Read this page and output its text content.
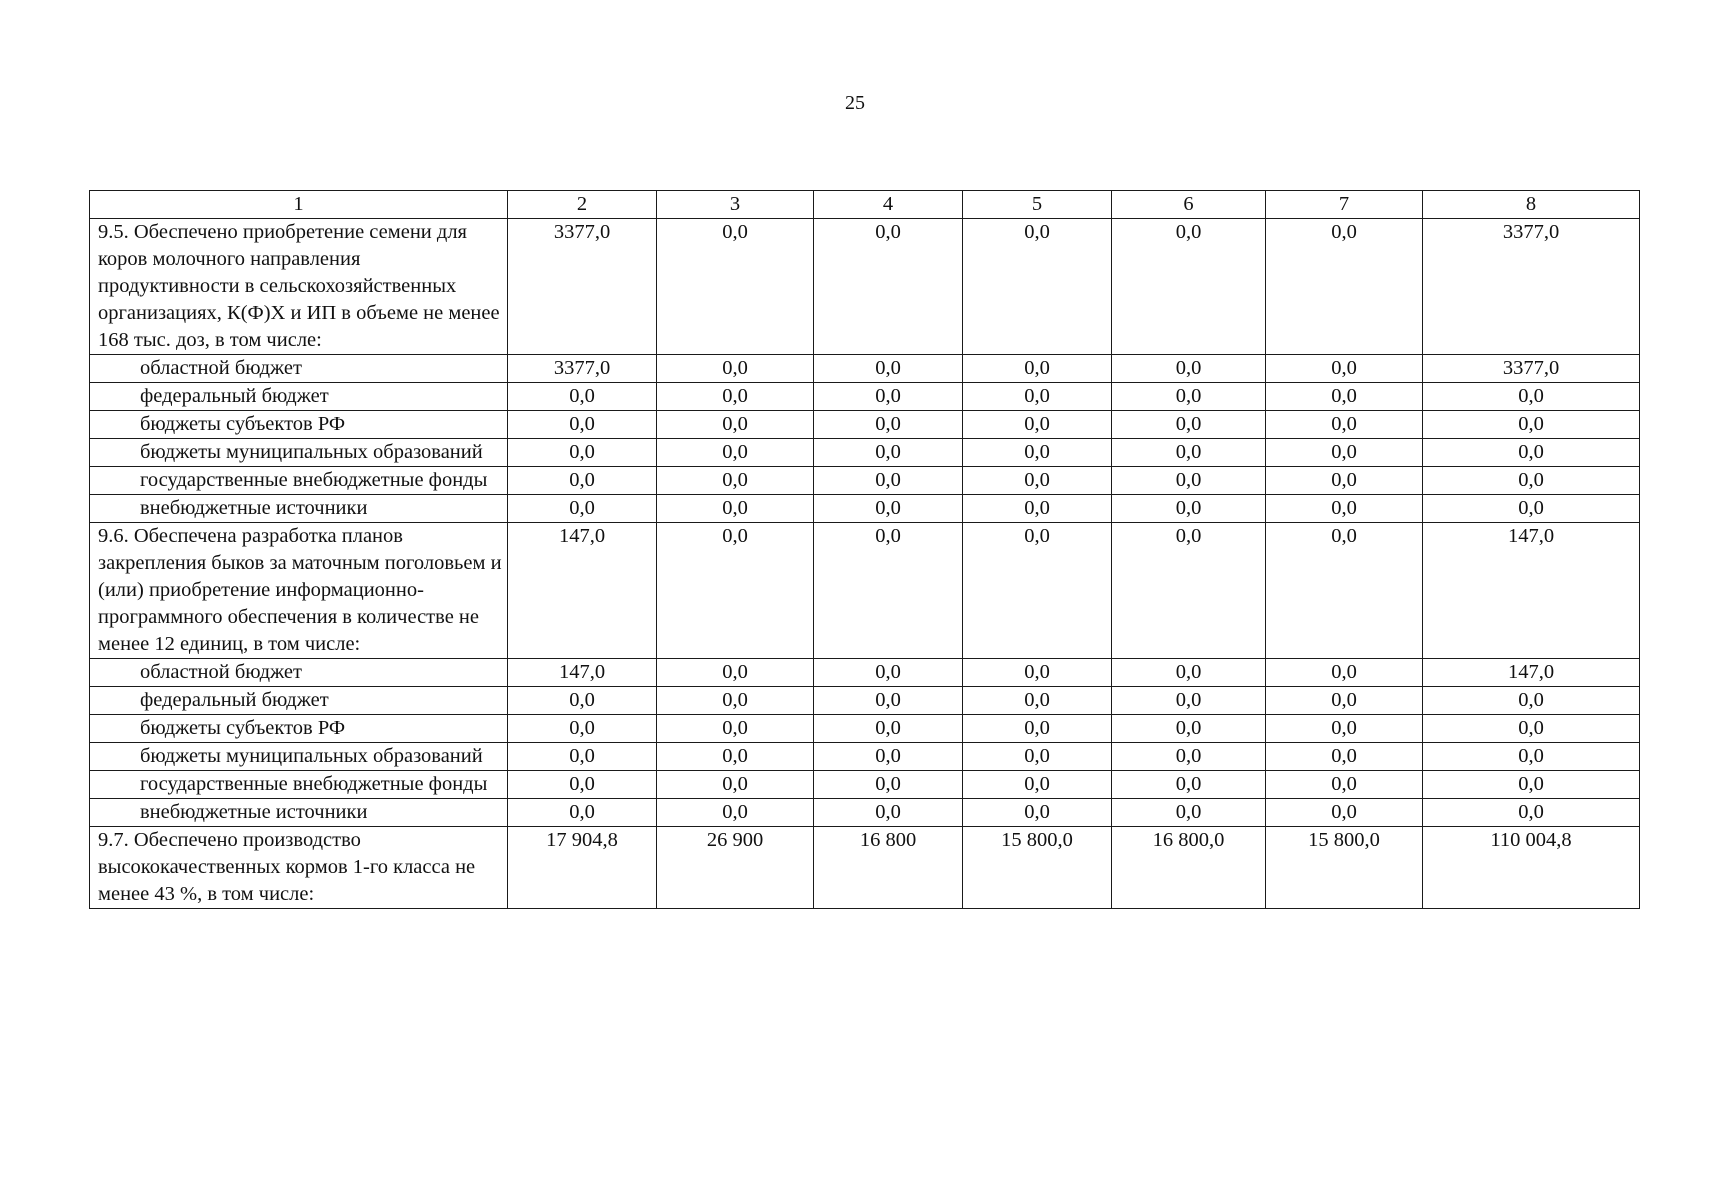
25
1	2	3	4	5	6	7	8
9.5. Обеспечено приобретение семени для коров молочного направления продуктивности в сельскохозяйственных организациях, К(Ф)Х и ИП в объеме не менее 168 тыс. доз, в том числе:	3377,0	0,0	0,0	0,0	0,0	0,0	3377,0
областной бюджет	3377,0	0,0	0,0	0,0	0,0	0,0	3377,0
федеральный бюджет	0,0	0,0	0,0	0,0	0,0	0,0	0,0
бюджеты субъектов РФ	0,0	0,0	0,0	0,0	0,0	0,0	0,0
бюджеты муниципальных образований	0,0	0,0	0,0	0,0	0,0	0,0	0,0
государственные внебюджетные фонды	0,0	0,0	0,0	0,0	0,0	0,0	0,0
внебюджетные источники	0,0	0,0	0,0	0,0	0,0	0,0	0,0
9.6. Обеспечена разработка планов закрепления быков за маточным поголовьем и (или) приобретение информационно-программного обеспечения в количестве не менее 12 единиц, в том числе:	147,0	0,0	0,0	0,0	0,0	0,0	147,0
областной бюджет	147,0	0,0	0,0	0,0	0,0	0,0	147,0
федеральный бюджет	0,0	0,0	0,0	0,0	0,0	0,0	0,0
бюджеты субъектов РФ	0,0	0,0	0,0	0,0	0,0	0,0	0,0
бюджеты муниципальных образований	0,0	0,0	0,0	0,0	0,0	0,0	0,0
государственные внебюджетные фонды	0,0	0,0	0,0	0,0	0,0	0,0	0,0
внебюджетные источники	0,0	0,0	0,0	0,0	0,0	0,0	0,0
9.7. Обеспечено производство высококачественных кормов 1-го класса не менее 43 %, в том числе:	17 904,8	26 900	16 800	15 800,0	16 800,0	15 800,0	110 004,8
